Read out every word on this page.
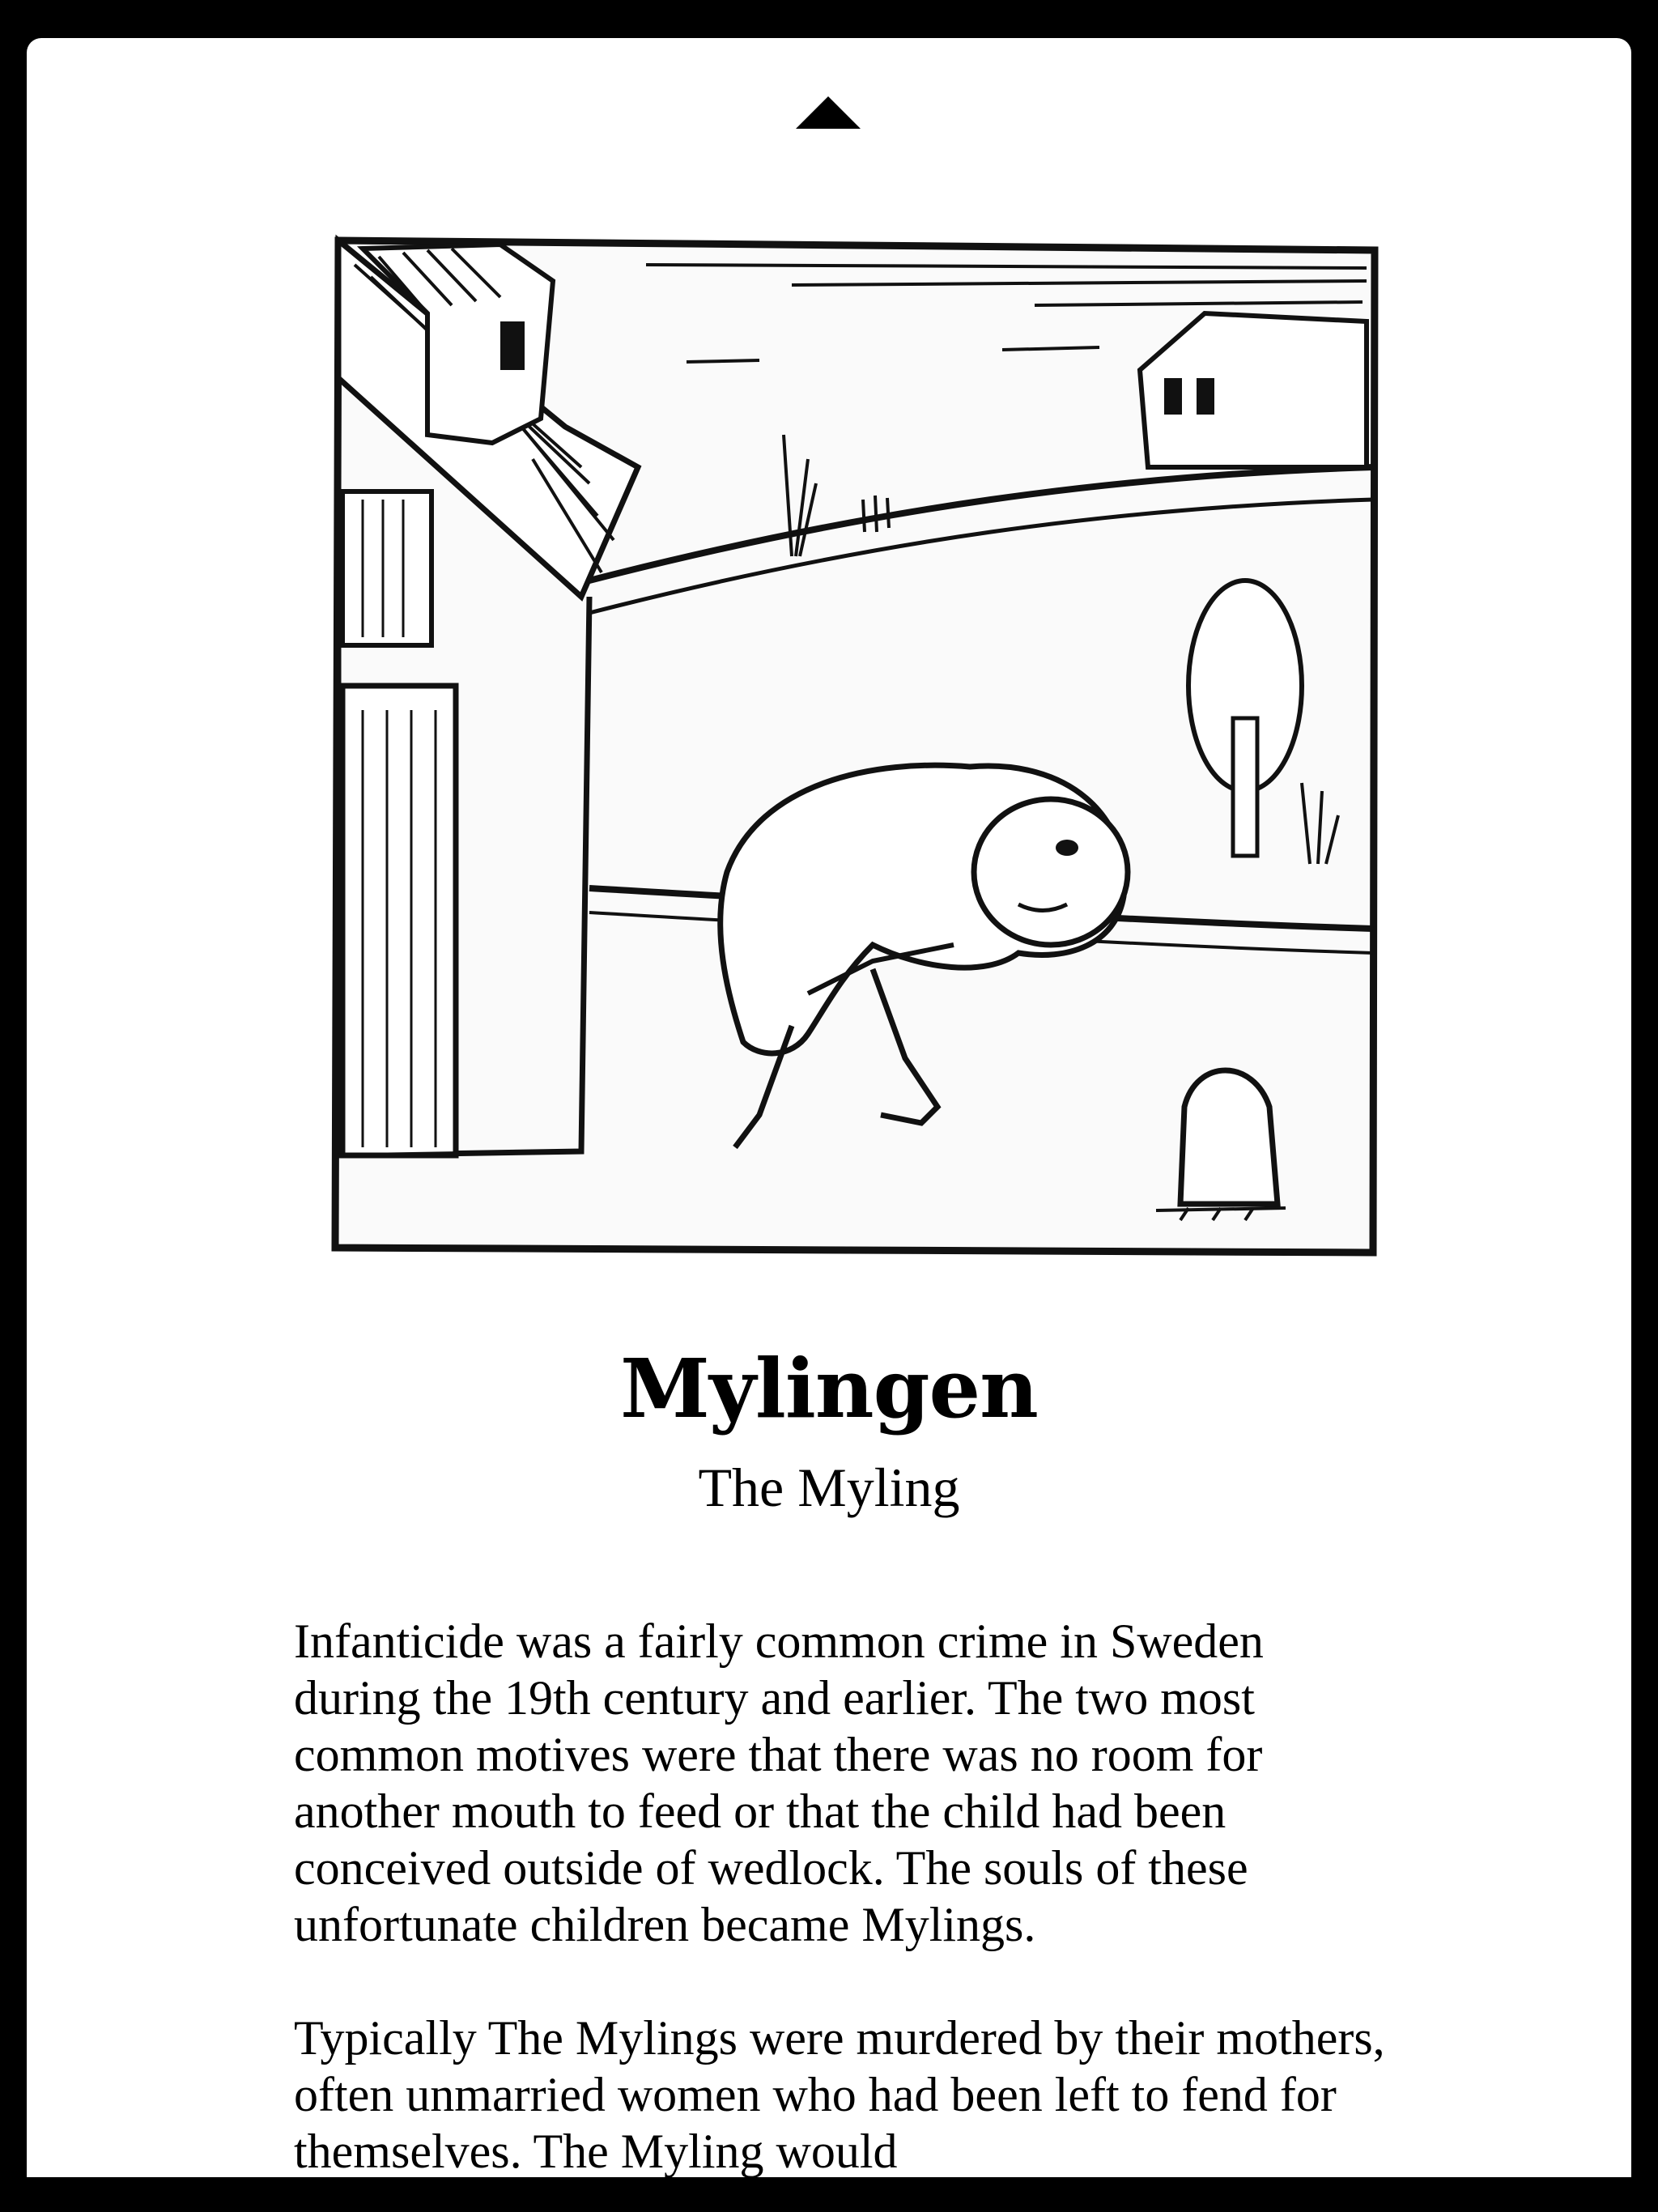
Mylingen
The Myling

Infanticide was a fairly common crime in Sweden during the 19th century and earlier. The two most common motives were that there was no room for another mouth to feed or that the child had been conceived outside of wedlock. The souls of these unfortunate children became Mylings.

Typically The Mylings were murdered by their mothers, often unmarried women who had been left to fend for themselves. The Myling would
